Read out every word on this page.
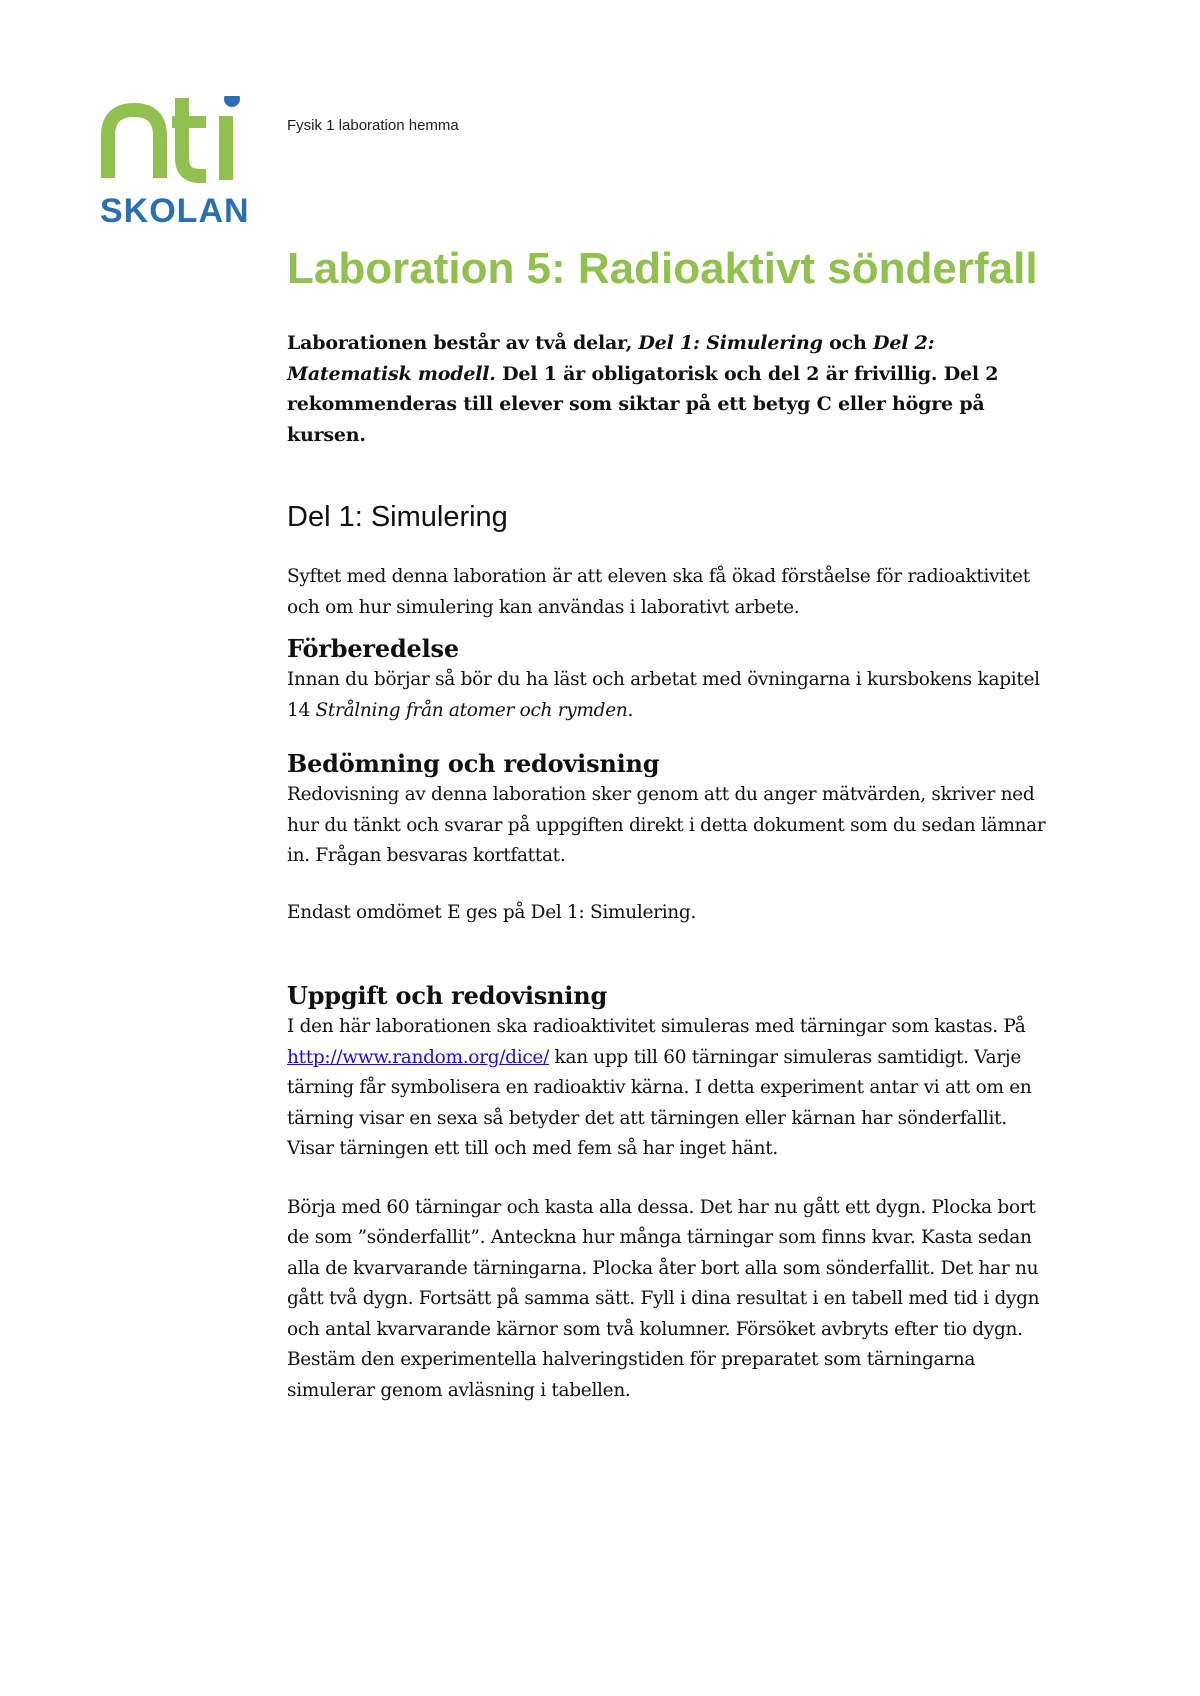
SKOLAN
Fysik 1 laboration hemma
Laboration 5: Radioaktivt sönderfall

Laborationen består av två delar, Del 1: Simulering och Del 2: Matematisk modell. Del 1 är obligatorisk och del 2 är frivillig. Del 2 rekommenderas till elever som siktar på ett betyg C eller högre på kursen.

Del 1: Simulering

Syftet med denna laboration är att eleven ska få ökad förståelse för radioaktivitet och om hur simulering kan användas i laborativt arbete.

Förberedelse

Innan du börjar så bör du ha läst och arbetat med övningarna i kursbokens kapitel 14 Strålning från atomer och rymden.

Bedömning och redovisning

Redovisning av denna laboration sker genom att du anger mätvärden, skriver ned hur du tänkt och svarar på uppgiften direkt i detta dokument som du sedan lämnar in. Frågan besvaras kortfattat.

Endast omdömet E ges på Del 1: Simulering.

Uppgift och redovisning

I den här laborationen ska radioaktivitet simuleras med tärningar som kastas. På http://www.random.org/dice/ kan upp till 60 tärningar simuleras samtidigt. Varje tärning får symbolisera en radioaktiv kärna. I detta experiment antar vi att om en tärning visar en sexa så betyder det att tärningen eller kärnan har sönderfallit. Visar tärningen ett till och med fem så har inget hänt.

Börja med 60 tärningar och kasta alla dessa. Det har nu gått ett dygn. Plocka bort de som ”sönderfallit”. Anteckna hur många tärningar som finns kvar. Kasta sedan alla de kvarvarande tärningarna. Plocka åter bort alla som sönderfallit. Det har nu gått två dygn. Fortsätt på samma sätt. Fyll i dina resultat i en tabell med tid i dygn och antal kvarvarande kärnor som två kolumner. Försöket avbryts efter tio dygn. Bestäm den experimentella halveringstiden för preparatet som tärningarna simulerar genom avläsning i tabellen.
